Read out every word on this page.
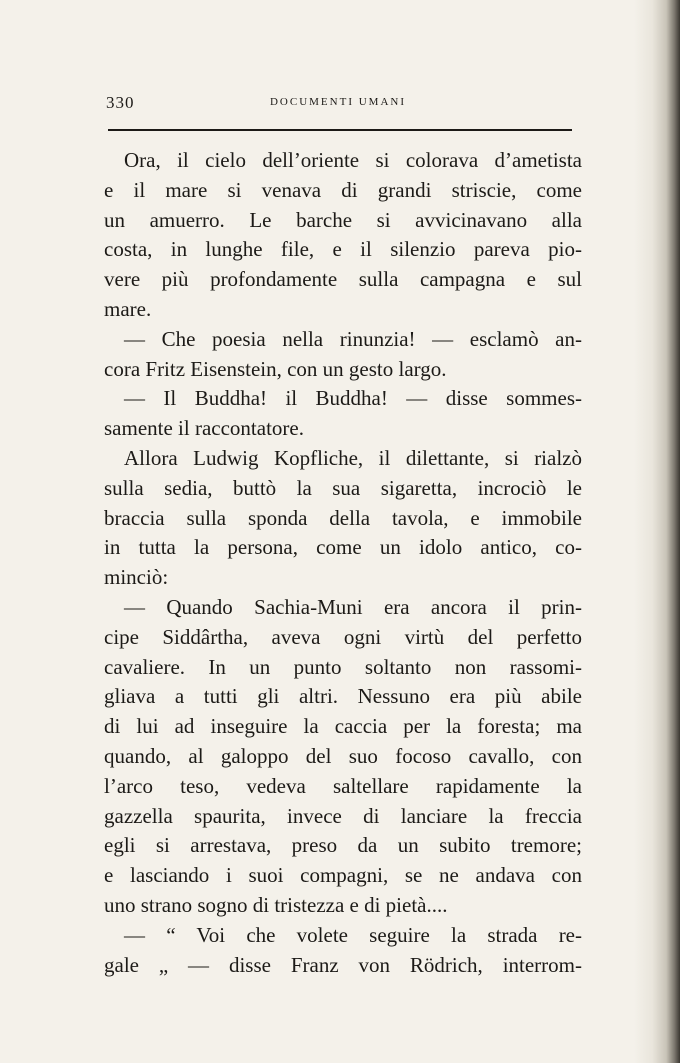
330	DOCUMENTI UMANI
Ora, il cielo dell’oriente si colorava d’ametista
e il mare si venava di grandi striscie, come
un amuerro. Le barche si avvicinavano alla
costa, in lunghe file, e il silenzio pareva pio-
vere più profondamente sulla campagna e sul
mare.
— Che poesia nella rinunzia! — esclamò an-
cora Fritz Eisenstein, con un gesto largo.
— Il Buddha! il Buddha! — disse sommes-
samente il raccontatore.
Allora Ludwig Kopfliche, il dilettante, si rialzò
sulla sedia, buttò la sua sigaretta, incrociò le
braccia sulla sponda della tavola, e immobile
in tutta la persona, come un idolo antico, co-
minciò:
— Quando Sachia-Muni era ancora il prin-
cipe Siddârtha, aveva ogni virtù del perfetto
cavaliere. In un punto soltanto non rassomi-
gliava a tutti gli altri. Nessuno era più abile
di lui ad inseguire la caccia per la foresta; ma
quando, al galoppo del suo focoso cavallo, con
l’arco teso, vedeva saltellare rapidamente la
gazzella spaurita, invece di lanciare la freccia
egli si arrestava, preso da un subito tremore;
e lasciando i suoi compagni, se ne andava con
uno strano sogno di tristezza e di pietà....
— “ Voi che volete seguire la strada re-
gale „ — disse Franz von Rödrich, interrom-
